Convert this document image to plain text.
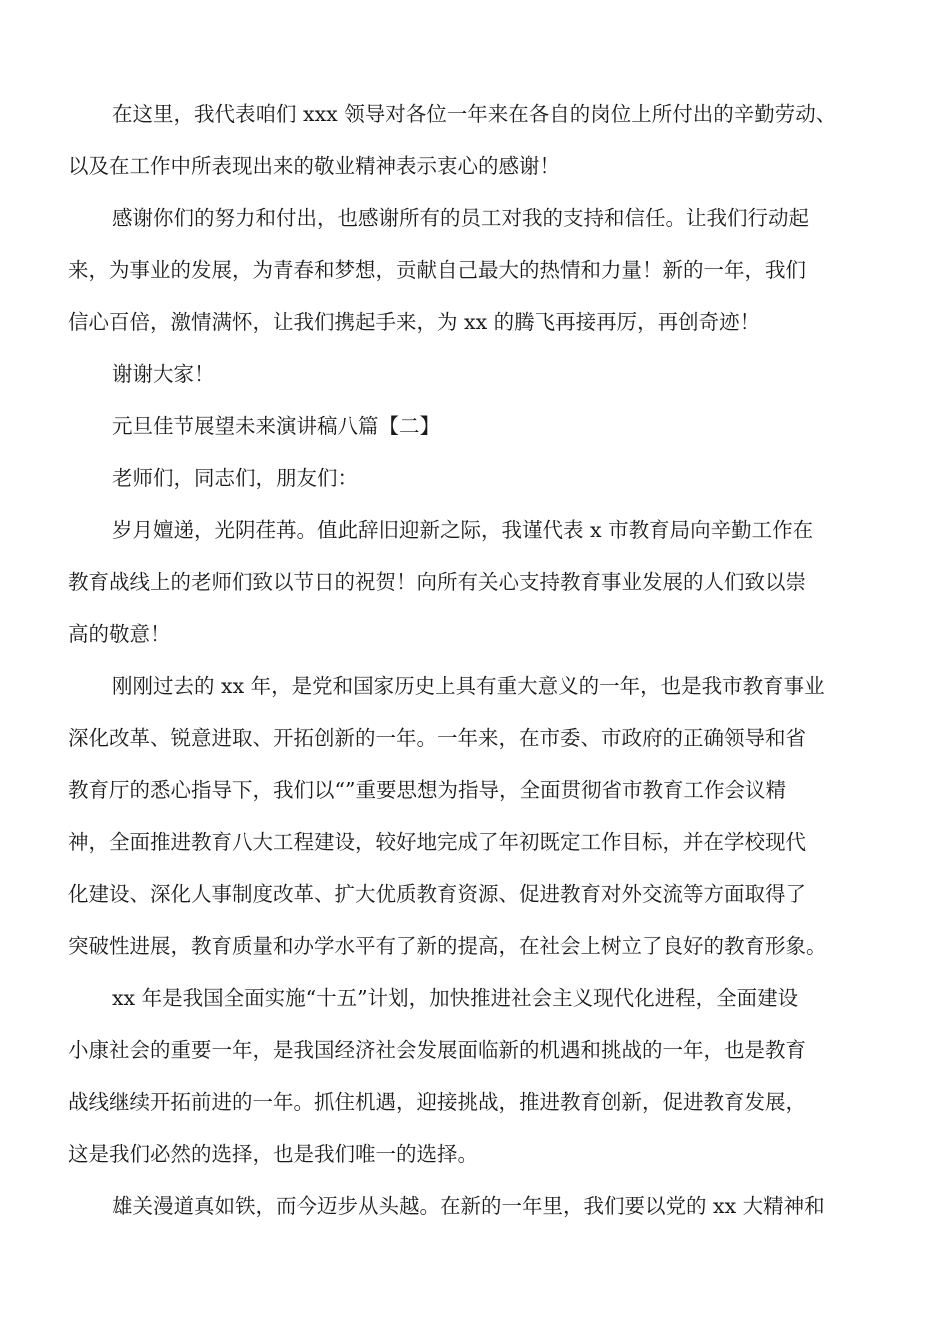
在这里，我代表咱们 xxx 领导对各位一年来在各自的岗位上所付出的辛勤劳动、
以及在工作中所表现出来的敬业精神表示衷心的感谢！

感谢你们的努力和付出，也感谢所有的员工对我的支持和信任。让我们行动起
来，为事业的发展，为青春和梦想，贡献自己最大的热情和力量！新的一年，我们
信心百倍，激情满怀，让我们携起手来，为 xx 的腾飞再接再厉，再创奇迹！

谢谢大家！

元旦佳节展望未来演讲稿八篇【二】

老师们，同志们，朋友们：

岁月嬗递，光阴荏苒。值此辞旧迎新之际，我谨代表 x 市教育局向辛勤工作在
教育战线上的老师们致以节日的祝贺！向所有关心支持教育事业发展的人们致以崇
高的敬意！

刚刚过去的 xx 年，是党和国家历史上具有重大意义的一年，也是我市教育事业
深化改革、锐意进取、开拓创新的一年。一年来，在市委、市政府的正确领导和省
教育厅的悉心指导下，我们以“”重要思想为指导，全面贯彻省市教育工作会议精
神，全面推进教育八大工程建设，较好地完成了年初既定工作目标，并在学校现代
化建设、深化人事制度改革、扩大优质教育资源、促进教育对外交流等方面取得了
突破性进展，教育质量和办学水平有了新的提高，在社会上树立了良好的教育形象。

xx 年是我国全面实施“十五”计划，加快推进社会主义现代化进程，全面建设
小康社会的重要一年，是我国经济社会发展面临新的机遇和挑战的一年，也是教育
战线继续开拓前进的一年。抓住机遇，迎接挑战，推进教育创新，促进教育发展，
这是我们必然的选择，也是我们唯一的选择。

雄关漫道真如铁，而今迈步从头越。在新的一年里，我们要以党的 xx 大精神和
